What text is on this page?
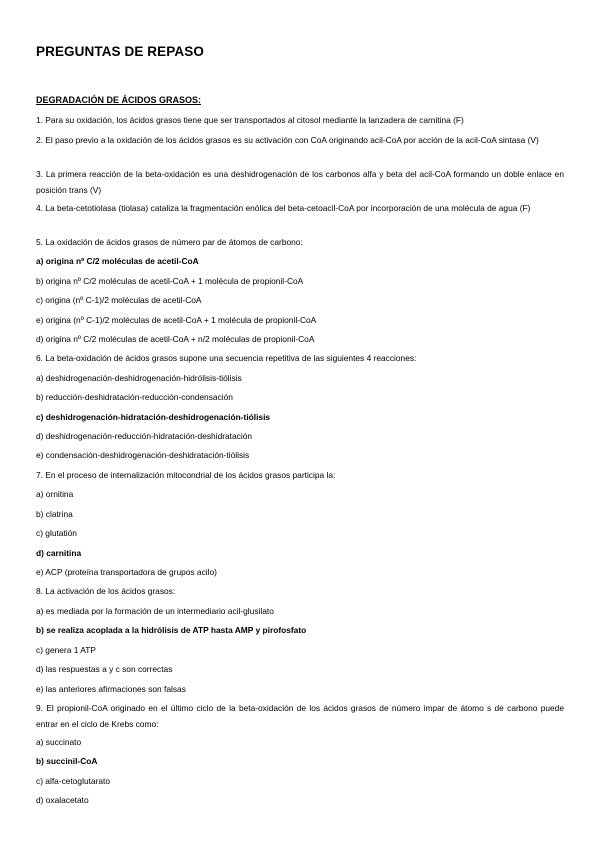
PREGUNTAS DE REPASO
DEGRADACIÓN DE ÁCIDOS GRASOS:
1. Para su oxidación, los ácidos grasos tiene que ser transportados al citosol mediante la lanzadera de carnitina (F)
2. El paso previo a la oxidación de los ácidos grasos es su activación con CoA originando acil-CoA por acción de la acil-CoA sintasa (V)
3. La primera reacción de la beta-oxidación es una deshidrogenación de los carbonos alfa y beta del acil-CoA formando un doble enlace en posición trans (V)
4. La beta-cetotiolasa (tiolasa) cataliza la fragmentación enólica del beta-cetoacil-CoA por incorporación de una molécula de agua (F)
5. La oxidación de ácidos grasos de número par de átomos de carbono:
a) origina nº C/2 moléculas de acetil-CoA
b) origina nº C/2 moléculas de acetil-CoA + 1 molécula de propionil-CoA
c) origina (nº C-1)/2 moléculas de acetil-CoA
e) origina (nº C-1)/2 moléculas de acetil-CoA + 1 molécula de propionil-CoA
d) origina nº C/2 moléculas de acetil-CoA + n/2 moléculas de propionil-CoA
6. La beta-oxidación de ácidos grasos supone una secuencia repetitiva de las siguientes 4 reacciones:
a) deshidrogenación-deshidrogenación-hidrólisis-tiólisis
b) reducción-deshidratación-reducción-condensación
c) deshidrogenación-hidratación-deshidrogenación-tiólisis
d) deshidrogenación-reducción-hidratación-deshidratación
e) condensación-deshidrogenación-deshidratación-tiólisis
7. En el proceso de internalización mitocondrial de los ácidos grasos participa la:
a) ornitina
b) clatrina
c) glutatión
d) carnitina
e) ACP (proteína transportadora de grupos acilo)
8. La activación de los ácidos grasos:
a) es mediada por la formación de un intermediario acil-glusilato
b) se realiza acoplada a la hidrólisis de ATP hasta AMP y pirofosfato
c) genera 1 ATP
d) las respuestas a y c son correctas
e) las anteriores afirmaciones son falsas
9. El propionil-CoA originado en el último ciclo de la beta-oxidación de los ácidos grasos de número impar de átomo s de carbono puede entrar en el ciclo de Krebs como:
a) succinato
b) succinil-CoA
c) alfa-cetoglutarato
d) oxalacetato
